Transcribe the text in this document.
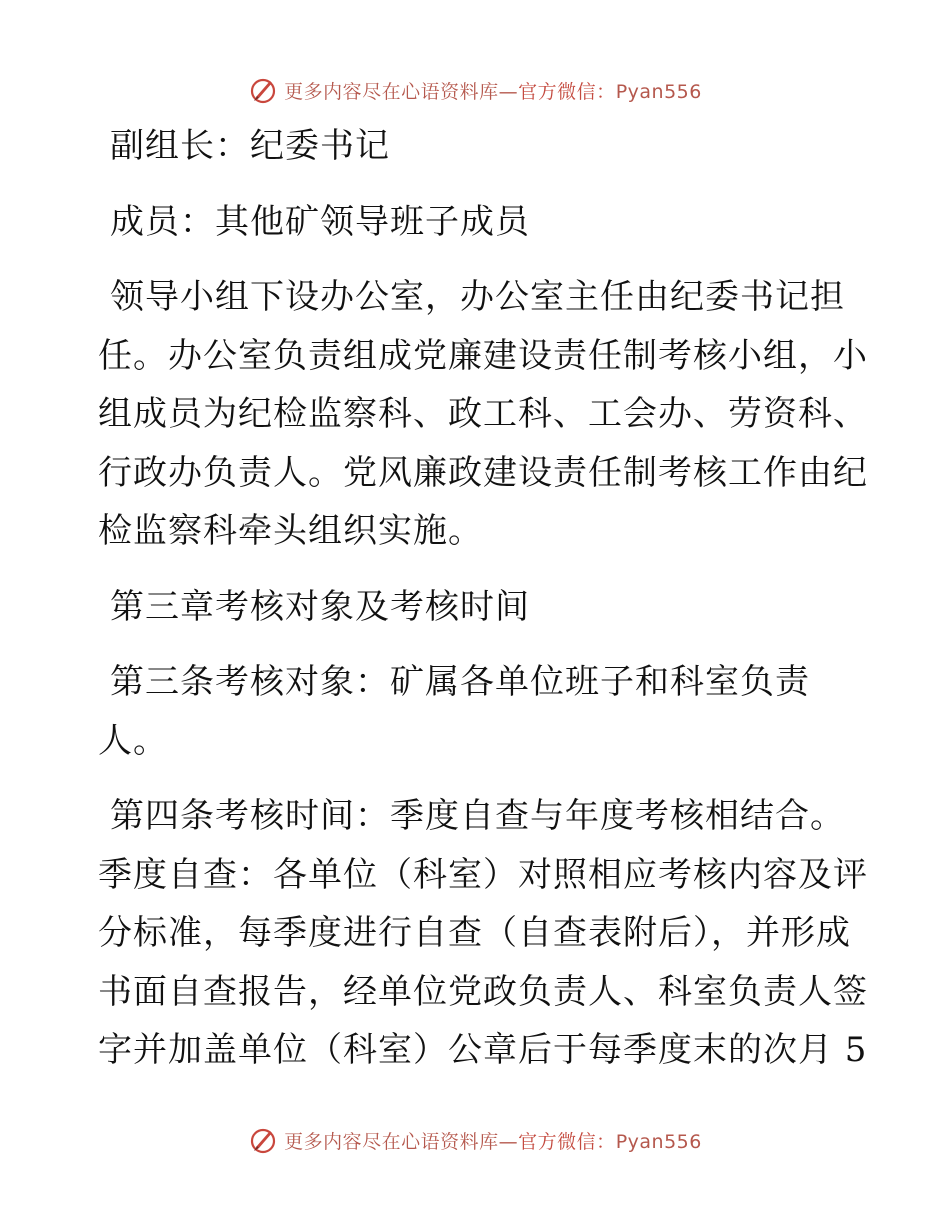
更多内容尽在心语资料库—官方微信：Pyan556
副组长：纪委书记
成员：其他矿领导班子成员
领导小组下设办公室，办公室主任由纪委书记担
任。办公室负责组成党廉建设责任制考核小组，小
组成员为纪检监察科、政工科、工会办、劳资科、
行政办负责人。党风廉政建设责任制考核工作由纪
检监察科牵头组织实施。
第三章考核对象及考核时间
第三条考核对象：矿属各单位班子和科室负责
人。
第四条考核时间：季度自查与年度考核相结合。
季度自查：各单位（科室）对照相应考核内容及评
分标准，每季度进行自查（自查表附后），并形成
书面自查报告，经单位党政负责人、科室负责人签
字并加盖单位（科室）公章后于每季度末的次月 5
更多内容尽在心语资料库—官方微信：Pyan556
